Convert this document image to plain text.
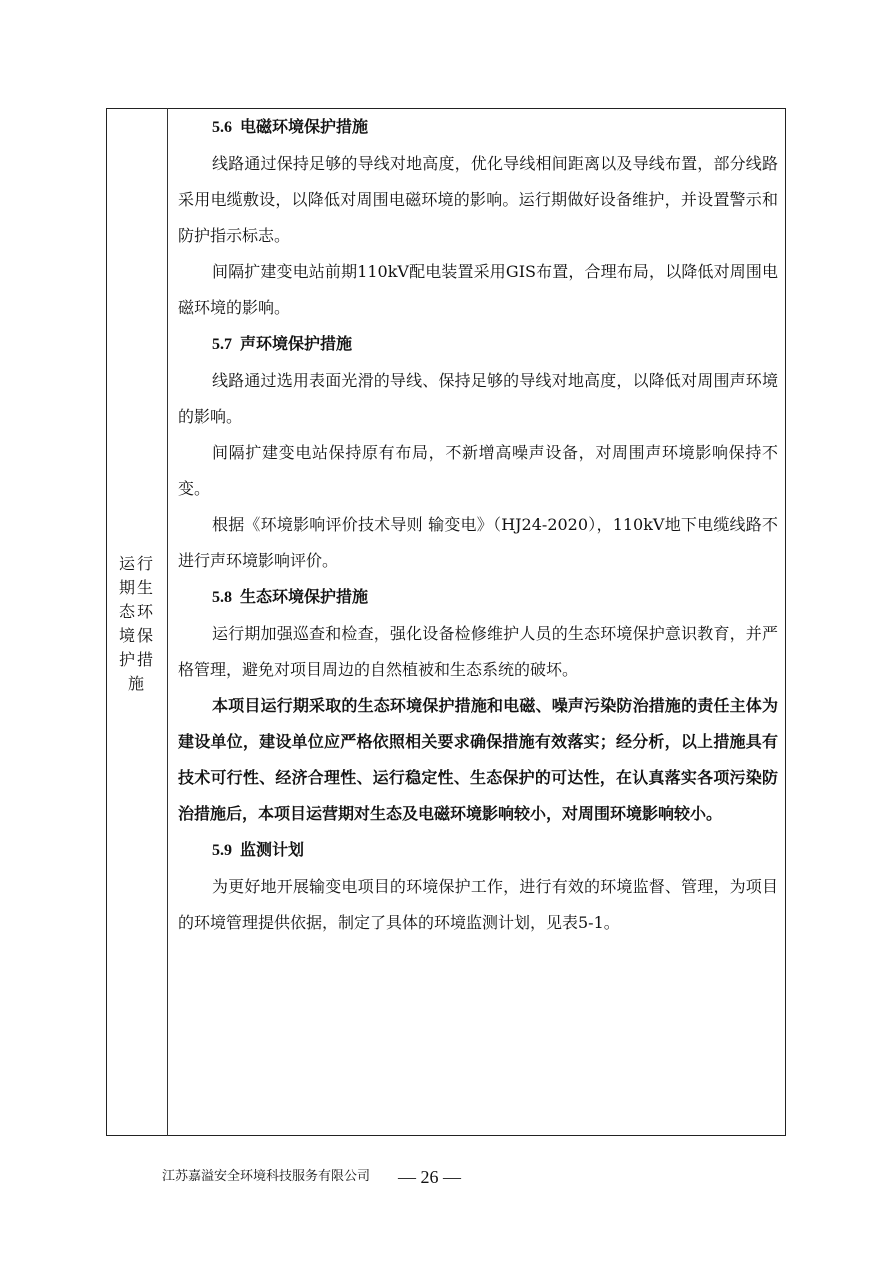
运行
期生
态环
境保
护措
施

5.6 电磁环境保护措施

线路通过保持足够的导线对地高度，优化导线相间距离以及导线布置，部分线路采用电缆敷设，以降低对周围电磁环境的影响。运行期做好设备维护，并设置警示和防护指示标志。

间隔扩建变电站前期110kV配电装置采用GIS布置，合理布局，以降低对周围电磁环境的影响。

5.7 声环境保护措施

线路通过选用表面光滑的导线、保持足够的导线对地高度，以降低对周围声环境的影响。

间隔扩建变电站保持原有布局，不新增高噪声设备，对周围声环境影响保持不变。

根据《环境影响评价技术导则 输变电》（HJ24-2020），110kV地下电缆线路不进行声环境影响评价。

5.8 生态环境保护措施

运行期加强巡查和检查，强化设备检修维护人员的生态环境保护意识教育，并严格管理，避免对项目周边的自然植被和生态系统的破坏。

本项目运行期采取的生态环境保护措施和电磁、噪声污染防治措施的责任主体为建设单位，建设单位应严格依照相关要求确保措施有效落实；经分析，以上措施具有技术可行性、经济合理性、运行稳定性、生态保护的可达性，在认真落实各项污染防治措施后，本项目运营期对生态及电磁环境影响较小，对周围环境影响较小。

5.9 监测计划

为更好地开展输变电项目的环境保护工作，进行有效的环境监督、管理，为项目的环境管理提供依据，制定了具体的环境监测计划，见表5-1。

江苏嘉溢安全环境科技服务有限公司 — 26 —
